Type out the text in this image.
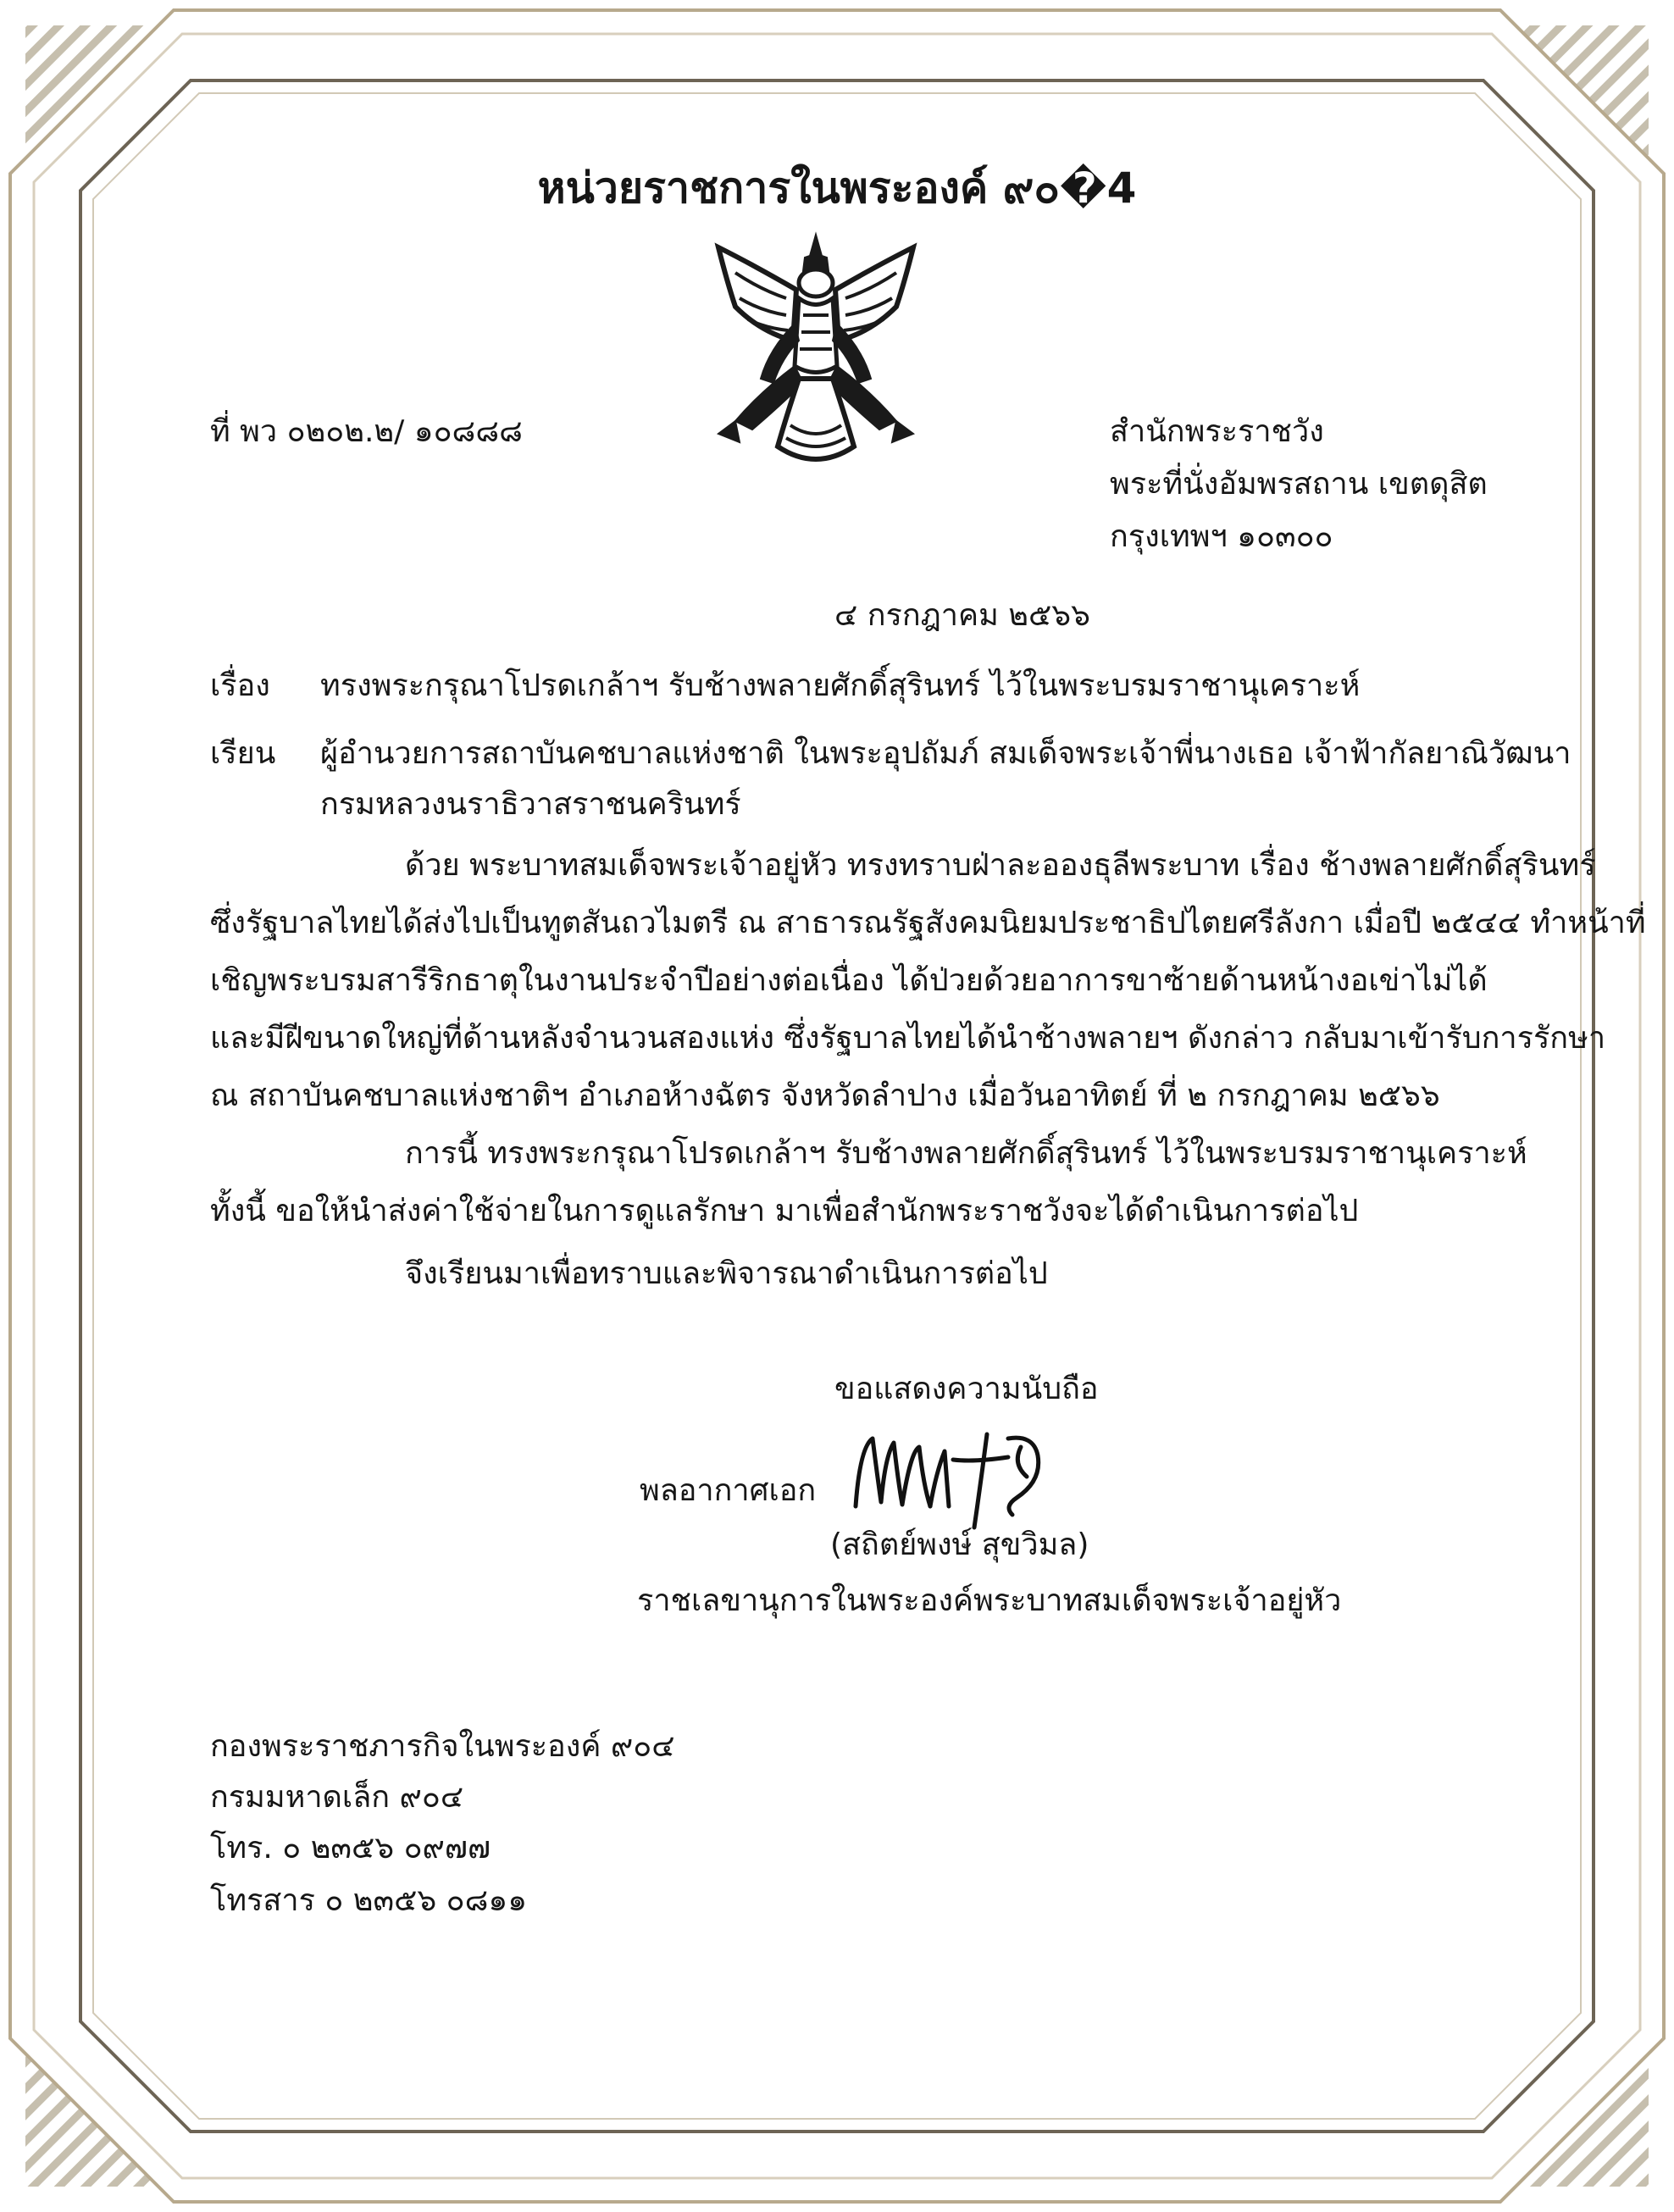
หน่วยราชการในพระองค์ ๙๐�4
ที่ พว ๐๒๐๒.๒/ ๑๐๘๘๘	สำนักพระราชวัง
พระที่นั่งอัมพรสถาน เขตดุสิต
กรุงเทพฯ ๑๐๓๐๐
๔ กรกฎาคม ๒๕๖๖
เรื่อง ทรงพระกรุณาโปรดเกล้าฯ รับช้างพลายศักดิ์สุรินทร์ ไว้ในพระบรมราชานุเคราะห์
เรียน ผู้อำนวยการสถาบันคชบาลแห่งชาติ ในพระอุปถัมภ์ สมเด็จพระเจ้าพี่นางเธอ เจ้าฟ้ากัลยาณิวัฒนา
กรมหลวงนราธิวาสราชนครินทร์
ด้วย พระบาทสมเด็จพระเจ้าอยู่หัว ทรงทราบฝ่าละอองธุลีพระบาท เรื่อง ช้างพลายศักดิ์สุรินทร์
ซึ่งรัฐบาลไทยได้ส่งไปเป็นทูตสันถวไมตรี ณ สาธารณรัฐสังคมนิยมประชาธิปไตยศรีลังกา เมื่อปี ๒๕๔๔ ทำหน้าที่
เชิญพระบรมสารีริกธาตุในงานประจำปีอย่างต่อเนื่อง ได้ป่วยด้วยอาการขาซ้ายด้านหน้างอเข่าไม่ได้
และมีฝีขนาดใหญ่ที่ด้านหลังจำนวนสองแห่ง ซึ่งรัฐบาลไทยได้นำช้างพลายฯ ดังกล่าว กลับมาเข้ารับการรักษา
ณ สถาบันคชบาลแห่งชาติฯ อำเภอห้างฉัตร จังหวัดลำปาง เมื่อวันอาทิตย์ ที่ ๒ กรกฎาคม ๒๕๖๖
การนี้ ทรงพระกรุณาโปรดเกล้าฯ รับช้างพลายศักดิ์สุรินทร์ ไว้ในพระบรมราชานุเคราะห์
ทั้งนี้ ขอให้นำส่งค่าใช้จ่ายในการดูแลรักษา มาเพื่อสำนักพระราชวังจะได้ดำเนินการต่อไป
จึงเรียนมาเพื่อทราบและพิจารณาดำเนินการต่อไป
ขอแสดงความนับถือ
พลอากาศเอก
(สถิตย์พงษ์ สุขวิมล)
ราชเลขานุการในพระองค์พระบาทสมเด็จพระเจ้าอยู่หัว
กองพระราชภารกิจในพระองค์ ๙๐๔
กรมมหาดเล็ก ๙๐๔
โทร. ๐ ๒๓๕๖ ๐๙๗๗
โทรสาร ๐ ๒๓๕๖ ๐๘๑๑
